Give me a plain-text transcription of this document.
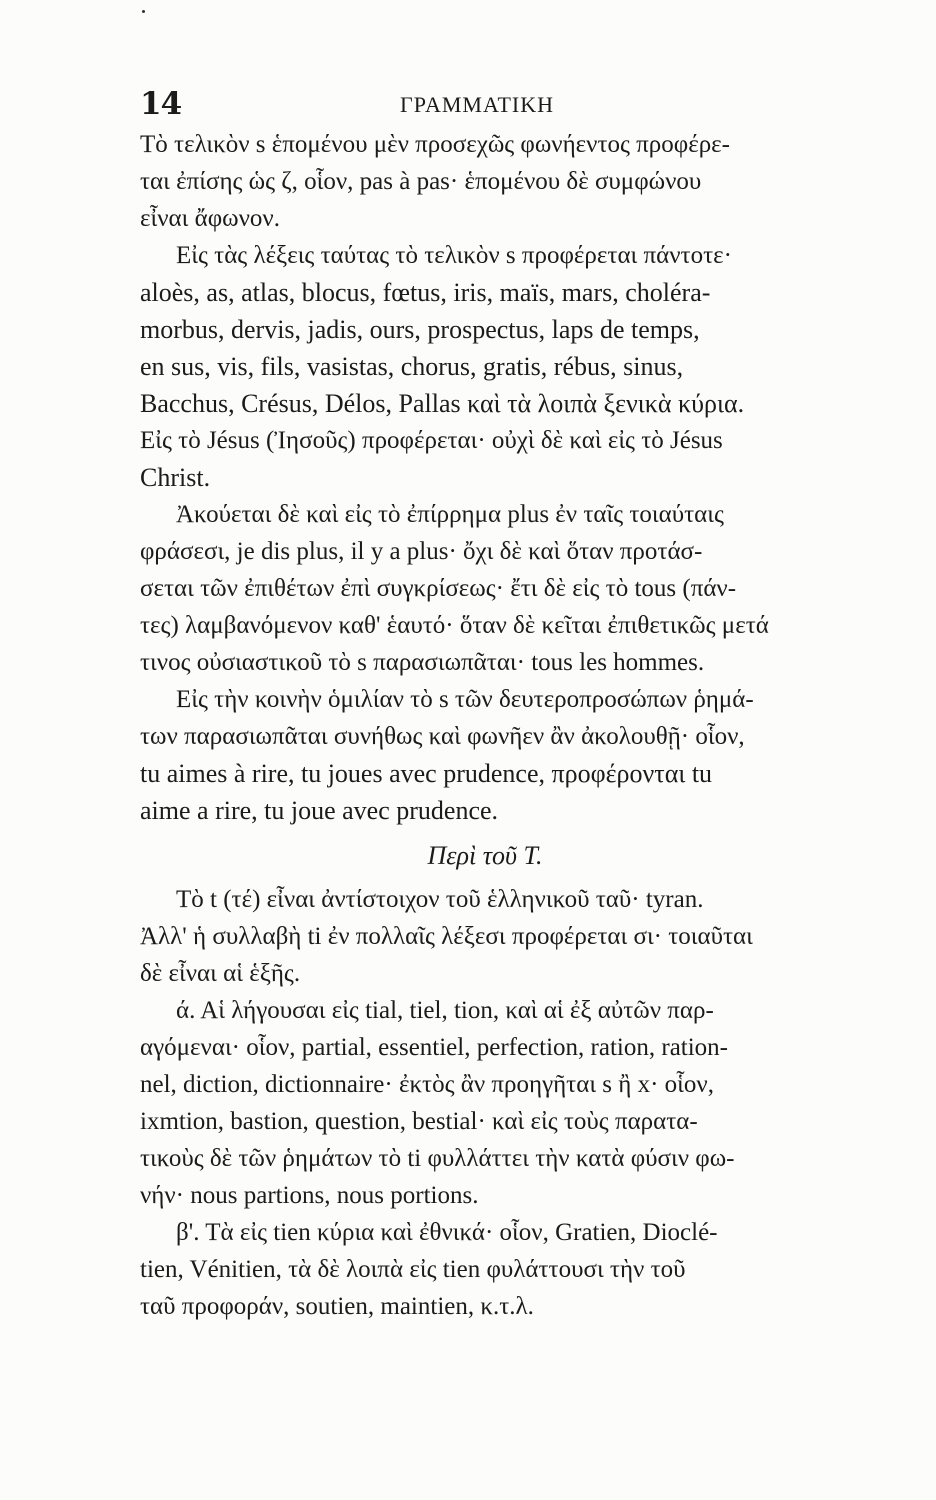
14	ΓΡΑΜΜΑΤΙΚΗ
Τὸ τελικὸν s ἑπομένου μὲν προσεχῶς φωνήεντος προφέρε-
ται ἐπίσης ὡς ζ, οἷον, pas à pas· ἑπομένου δὲ συμφώνου
εἶναι ἄφωνον.
Εἰς τὰς λέξεις ταύτας τὸ τελικὸν s προφέρεται πάντοτε·
aloès, as, atlas, blocus, fœtus, iris, maïs, mars, choléra-
morbus, dervis, jadis, ours, prospectus, laps de temps,
en sus, vis, fils, vasistas, chorus, gratis, rébus, sinus,
Bacchus, Crésus, Délos, Pallas καὶ τὰ λοιπὰ ξενικὰ κύρια.
Εἰς τὸ Jésus (Ἰησοῦς) προφέρεται· οὐχὶ δὲ καὶ εἰς τὸ Jésus
Christ.
Ἀκούεται δὲ καὶ εἰς τὸ ἐπίρρημα plus ἐν ταῖς τοιαύταις
φράσεσι, je dis plus, il y a plus· ὄχι δὲ καὶ ὅταν προτάσ-
σεται τῶν ἐπιθέτων ἐπὶ συγκρίσεως· ἔτι δὲ εἰς τὸ tous (πάν-
τες) λαμβανόμενον καθ' ἑαυτό· ὅταν δὲ κεῖται ἐπιθετικῶς μετά
τινος οὐσιαστικοῦ τὸ s παρασιωπᾶται· tous les hommes.
Εἰς τὴν κοινὴν ὁμιλίαν τὸ s τῶν δευτεροπροσώπων ῥημά-
των παρασιωπᾶται συνήθως καὶ φωνῆεν ἂν ἀκολουθῇ· οἷον,
tu aimes à rire, tu joues avec prudence, προφέρονται tu
aime a rire, tu joue avec prudence.
Περὶ τοῦ T.
Τὸ t (τέ) εἶναι ἀντίστοιχον τοῦ ἑλληνικοῦ ταῦ· tyran.
Ἀλλ' ἡ συλλαβὴ ti ἐν πολλαῖς λέξεσι προφέρεται σι· τοιαῦται
δὲ εἶναι αἱ ἑξῆς.
ά. Αἱ λήγουσαι εἰς tial, tiel, tion, καὶ αἱ ἐξ αὐτῶν παρ-
αγόμεναι· οἷον, partial, essentiel, perfection, ration, ration-
nel, diction, dictionnaire· ἐκτὸς ἂν προηγῆται s ἢ x· οἷον,
ixmtion, bastion, question, bestial· καὶ εἰς τοὺς παρατα-
τικοὺς δὲ τῶν ῥημάτων τὸ ti φυλλάττει τὴν κατὰ φύσιν φω-
νήν· nous partions, nous portions.
β'. Τὰ εἰς tien κύρια καὶ ἐθνικά· οἷον, Gratien, Dioclé-
tien, Vénitien, τὰ δὲ λοιπὰ εἰς tien φυλάττουσι τὴν τοῦ
ταῦ προφοράν, soutien, maintien, κ.τ.λ.
